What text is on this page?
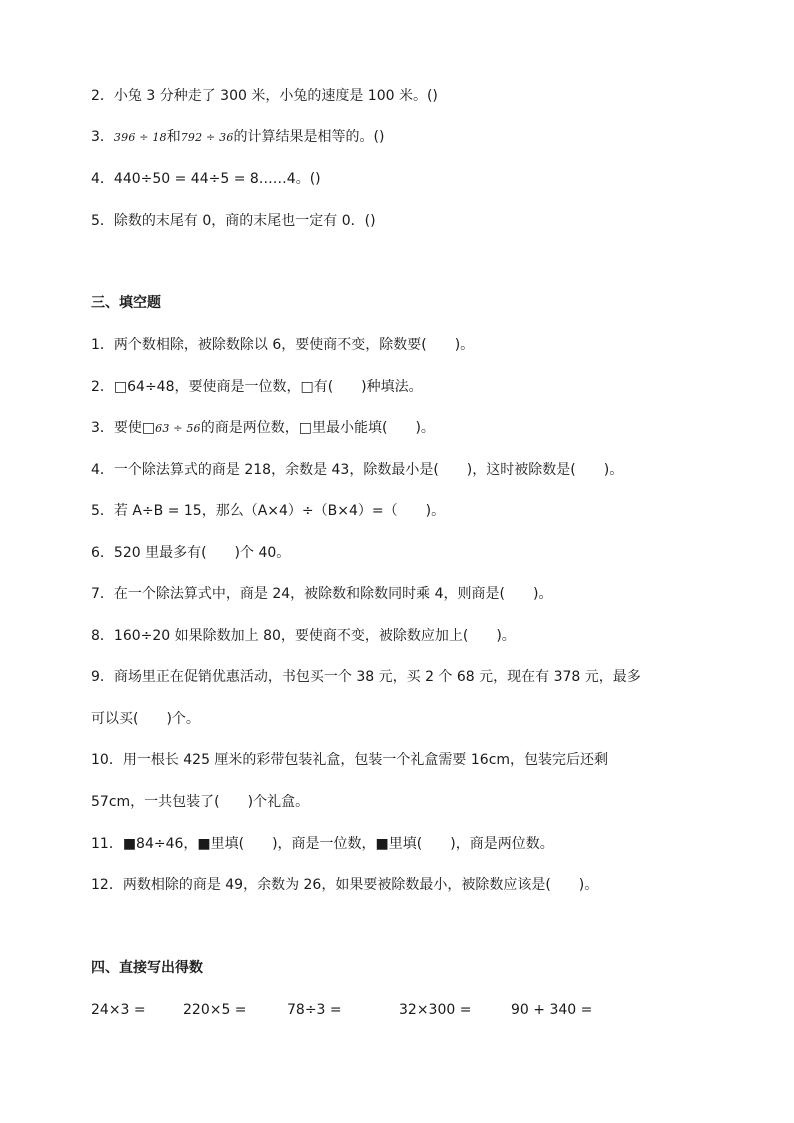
2．小兔 3 分种走了 300 米，小兔的速度是 100 米。()
3．396 ÷ 18和792 ÷ 36的计算结果是相等的。()
4．440÷50 = 44÷5 = 8……4。()
5．除数的末尾有 0，商的末尾也一定有 0．()
三、填空题
1．两个数相除，被除数除以 6，要使商不变，除数要(　　)。
2．□64÷48，要使商是一位数，□有(　　)种填法。
3．要使□63 ÷ 56的商是两位数，□里最小能填(　　)。
4．一个除法算式的商是 218，余数是 43，除数最小是(　　)，这时被除数是(　　)。
5．若 A÷B = 15，那么（A×4）÷（B×4）=（　　)。
6．520 里最多有(　　)个 40。
7．在一个除法算式中，商是 24，被除数和除数同时乘 4，则商是(　　)。
8．160÷20 如果除数加上 80，要使商不变，被除数应加上(　　)。
9．商场里正在促销优惠活动，书包买一个 38 元，买 2 个 68 元，现在有 378 元，最多
可以买(　　)个。
10．用一根长 425 厘米的彩带包装礼盒，包装一个礼盒需要 16cm，包装完后还剩
57cm，一共包装了(　　)个礼盒。
11．■84÷46，■里填(　　)，商是一位数，■里填(　　)，商是两位数。
12．两数相除的商是 49，余数为 26，如果要被除数最小，被除数应该是(　　)。
四、直接写出得数
24×3 =	220×5 =	78÷3 =	32×300 =	90 + 340 =
